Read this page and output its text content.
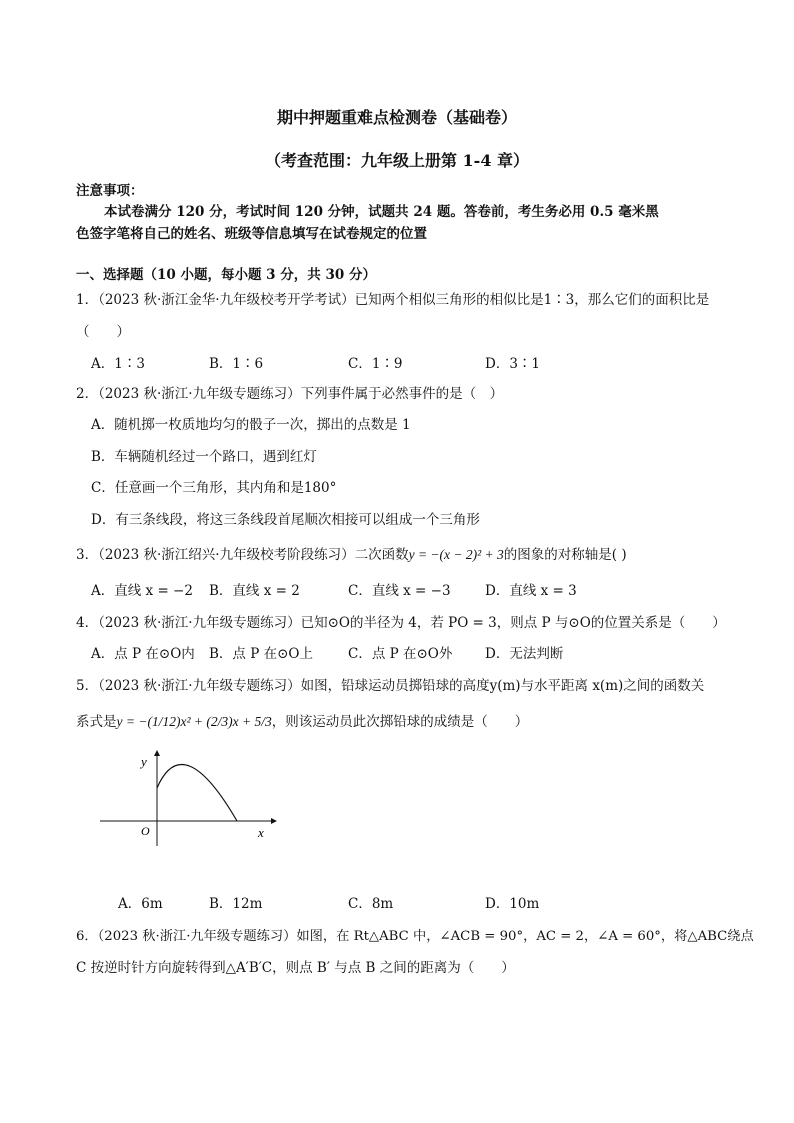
期中押题重难点检测卷（基础卷）
（考查范围：九年级上册第 1-4 章）
注意事项：
本试卷满分 120 分，考试时间 120 分钟，试题共 24 题。答卷前，考生务必用 0.5 毫米黑
色签字笔将自己的姓名、班级等信息填写在试卷规定的位置
一、选择题（10 小题，每小题 3 分，共 30 分）
1．（2023 秋·浙江金华·九年级校考开学考试）已知两个相似三角形的相似比是1∶3，那么它们的面积比是
（　　）
A．1∶3	B．1∶6	C．1∶9	D．3∶1
2．（2023 秋·浙江·九年级专题练习）下列事件属于必然事件的是（　）
A．随机掷一枚质地均匀的骰子一次，掷出的点数是 1
B．车辆随机经过一个路口，遇到红灯
C．任意画一个三角形，其内角和是180°
D．有三条线段，将这三条线段首尾顺次相接可以组成一个三角形
3．（2023 秋·浙江绍兴·九年级校考阶段练习）二次函数y = −(x − 2)² + 3的图象的对称轴是( )
A．直线 x = −2 B．直线 x = 2	C．直线 x = −3	D．直线 x = 3
4．（2023 秋·浙江·九年级专题练习）已知⊙O的半径为 4，若 PO = 3，则点 P 与⊙O的位置关系是（　　）
A．点 P 在⊙O内 B．点 P 在⊙O上	C．点 P 在⊙O外 D．无法判断
5．（2023 秋·浙江·九年级专题练习）如图，铅球运动员掷铅球的高度y(m)与水平距离 x(m)之间的函数关
系式是y = −(1/12)x² + (2/3)x + 5/3，则该运动员此次掷铅球的成绩是（　　）
y
x
O
A．6m	B．12m	C．8m	D．10m
6．（2023 秋·浙江·九年级专题练习）如图，在 Rt△ABC 中，∠ACB = 90°，AC = 2，∠A = 60°，将△ABC绕点
C 按逆时针方向旋转得到△A′B′C，则点 B′ 与点 B 之间的距离为（　　）
